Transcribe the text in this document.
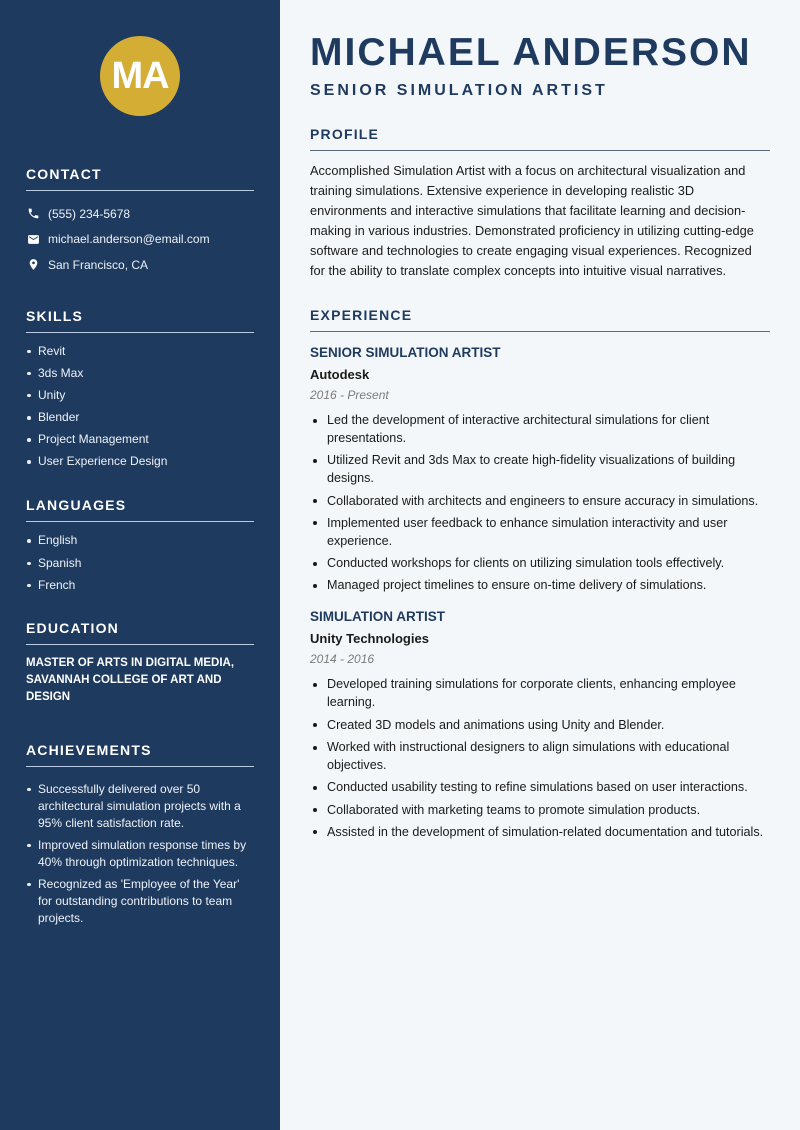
MA
CONTACT
(555) 234-5678
michael.anderson@email.com
San Francisco, CA
SKILLS
Revit
3ds Max
Unity
Blender
Project Management
User Experience Design
LANGUAGES
English
Spanish
French
EDUCATION

MASTER OF ARTS IN DIGITAL MEDIA, SAVANNAH COLLEGE OF ART AND DESIGN

ACHIEVEMENTS
Successfully delivered over 50 architectural simulation projects with a 95% client satisfaction rate.
Improved simulation response times by 40% through optimization techniques.
Recognized as 'Employee of the Year' for outstanding contributions to team projects.
MICHAEL ANDERSON
SENIOR SIMULATION ARTIST
PROFILE

Accomplished Simulation Artist with a focus on architectural visualization and training simulations. Extensive experience in developing realistic 3D environments and interactive simulations that facilitate learning and decision-making in various industries. Demonstrated proficiency in utilizing cutting-edge software and technologies to create engaging visual experiences. Recognized for the ability to translate complex concepts into intuitive visual narratives.

EXPERIENCE
SENIOR SIMULATION ARTIST
Autodesk
2016 - Present
Led the development of interactive architectural simulations for client presentations.
Utilized Revit and 3ds Max to create high-fidelity visualizations of building designs.
Collaborated with architects and engineers to ensure accuracy in simulations.
Implemented user feedback to enhance simulation interactivity and user experience.
Conducted workshops for clients on utilizing simulation tools effectively.
Managed project timelines to ensure on-time delivery of simulations.
SIMULATION ARTIST
Unity Technologies
2014 - 2016
Developed training simulations for corporate clients, enhancing employee learning.
Created 3D models and animations using Unity and Blender.
Worked with instructional designers to align simulations with educational objectives.
Conducted usability testing to refine simulations based on user interactions.
Collaborated with marketing teams to promote simulation products.
Assisted in the development of simulation-related documentation and tutorials.
